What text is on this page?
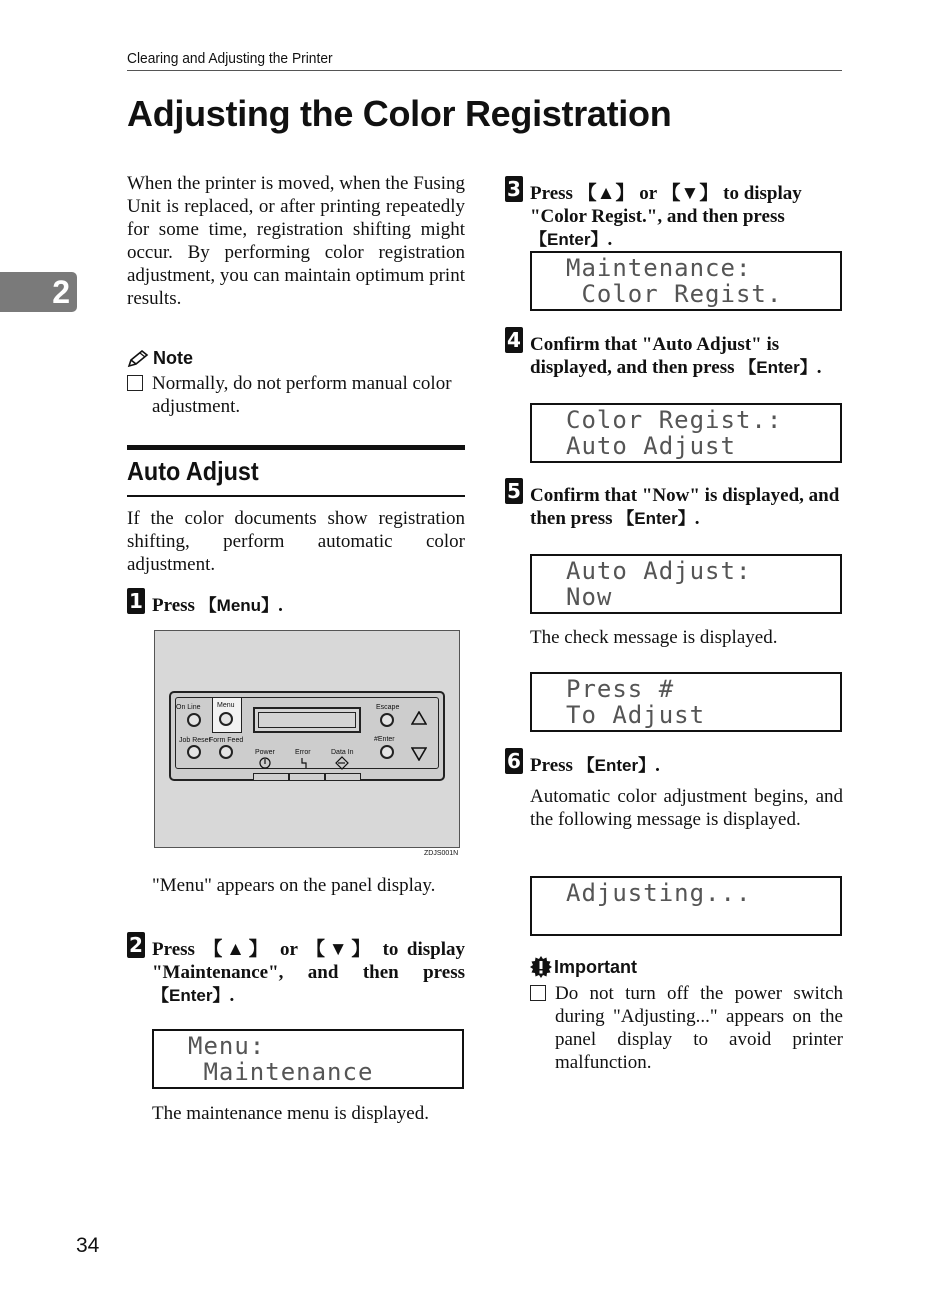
Clearing and Adjusting the Printer
Adjusting the Color Registration
2

When the printer is moved, when the Fusing Unit is replaced, or after printing repeatedly for some time, registration shifting might occur. By performing color registration adjustment, you can maintain optimum print results.

Note
Normally, do not perform manual color adjustment.
Auto Adjust

If the color documents show registration shifting, perform automatic color adjustment.

1 Press 【 Menu 】 .
On Line Menu	Escape
Job Reset
Form Feed	#Enter
Power	Error	Data In
ZDJS001N

"Menu" appears on the panel display.

2 Press 【▲】 or 【▼】 to display "Maintenance", and then press 【 Enter 】 .
Menu:
Maintenance

The maintenance menu is displayed.

3 Press 【▲】 or 【▼】 to display "Color Regist.", and then press 【 Enter 】 .
Maintenance:
Color Regist.
4 Confirm that "Auto Adjust" is displayed, and then press 【 Enter 】 .
Color Regist.:
Auto Adjust
5 Confirm that "Now" is displayed, and then press 【 Enter 】 .
Auto Adjust:
Now

The check message is displayed.

Press #
To Adjust
6 Press 【 Enter 】 .

Automatic color adjustment begins, and the following message is displayed.

Adjusting...
Important
Do not turn off the power switch during "Adjusting..." appears on the panel display to avoid printer malfunction.
34
